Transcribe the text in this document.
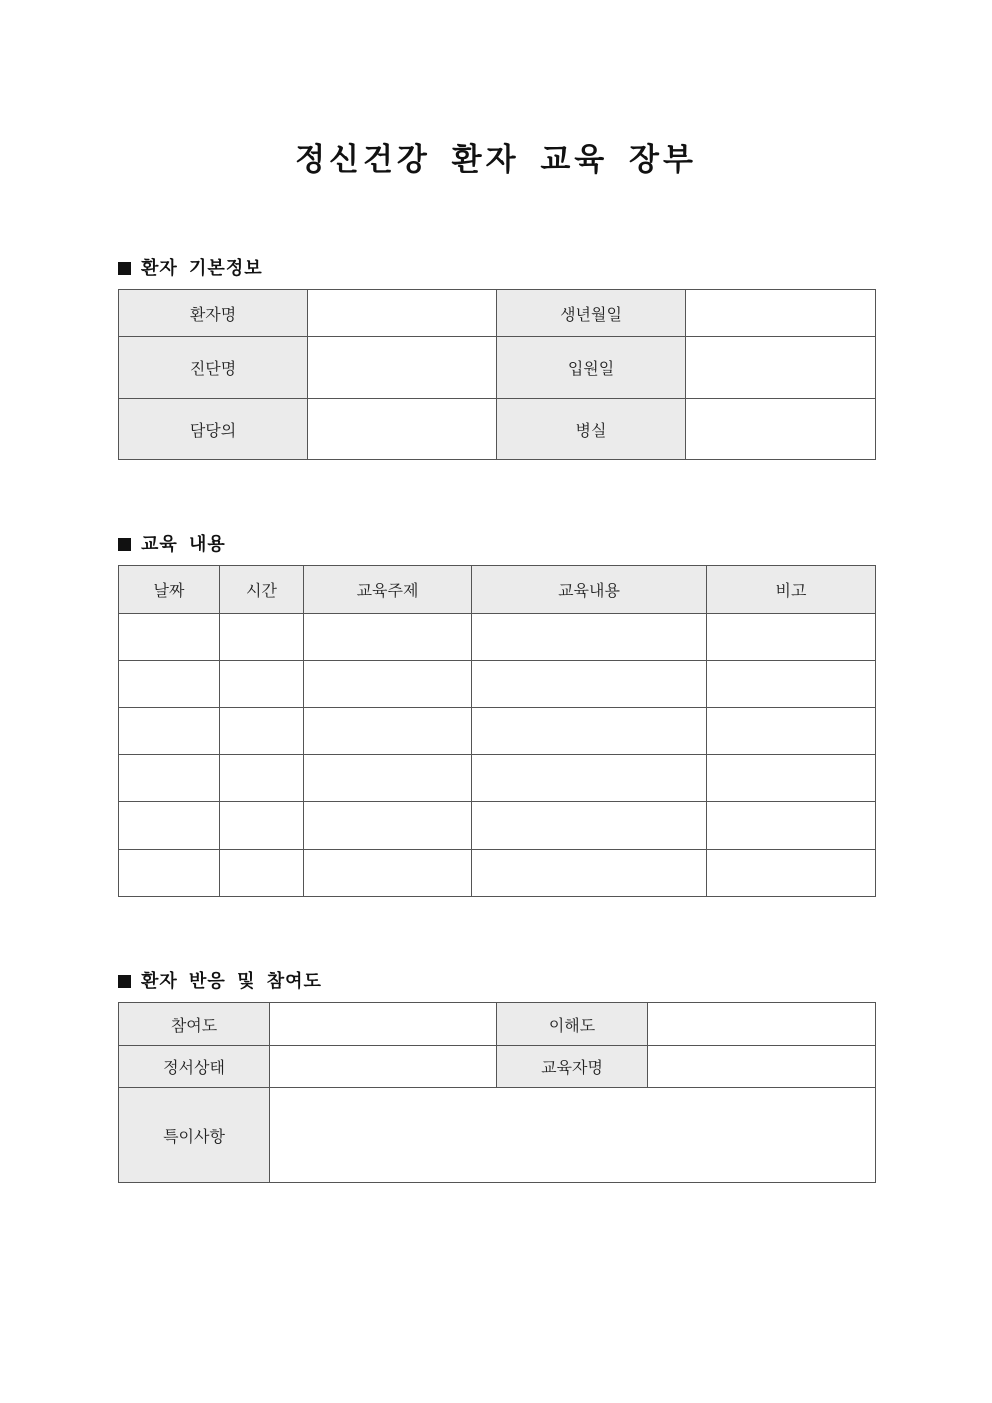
정신건강 환자 교육 장부
환자 기본정보
환자명		생년월일	
진단명		입원일	
담당의		병실	
교육 내용
날짜	시간	교육주제	교육내용	비고

환자 반응 및 참여도
참여도		이해도	
정서상태		교육자명	
특이사항			
